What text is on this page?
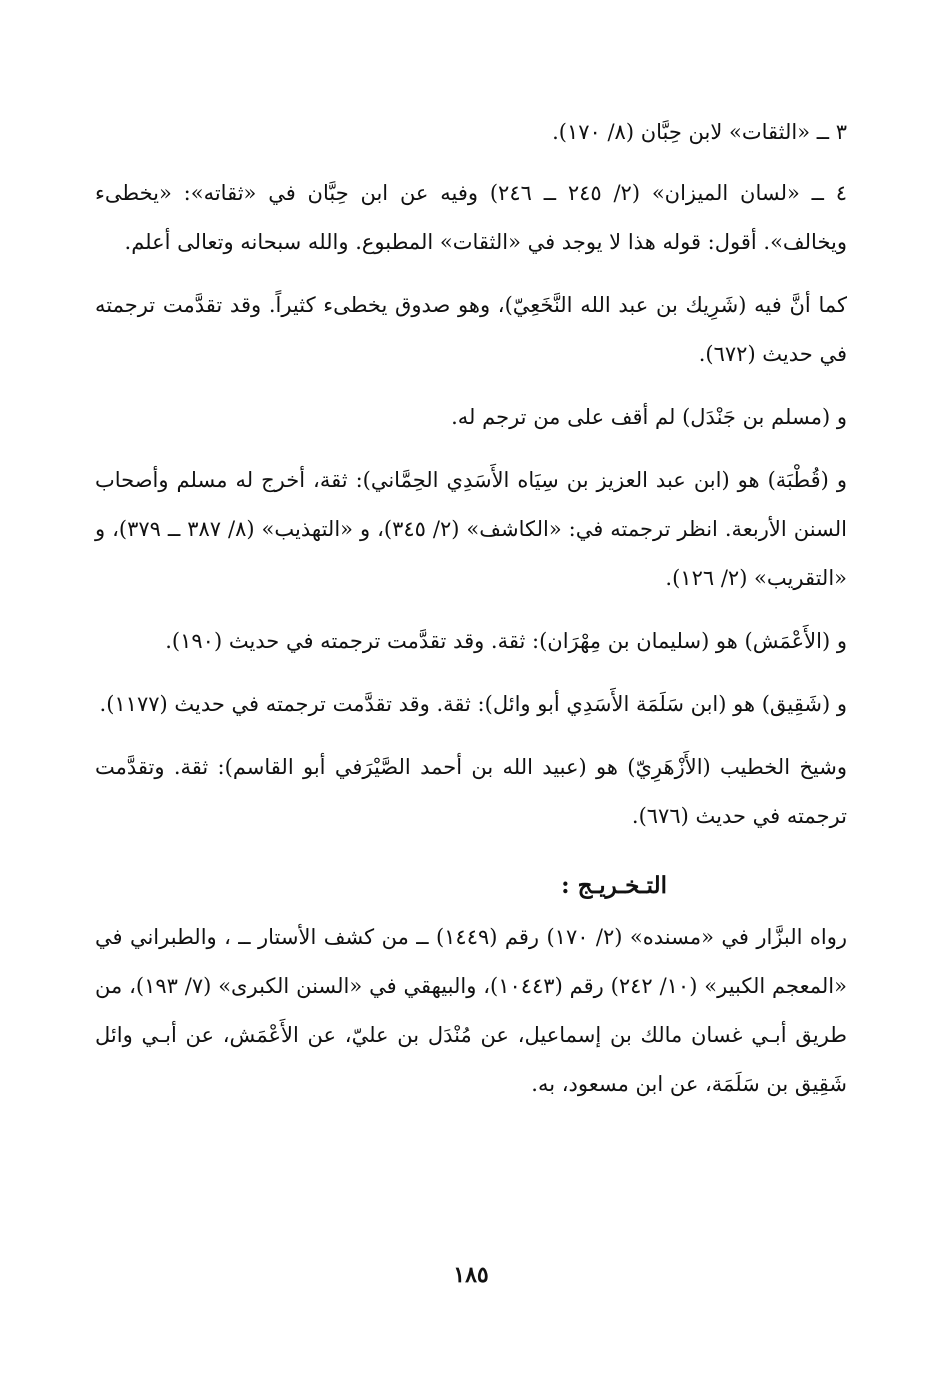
٣ ــ «الثقات» لابن حِبَّان (٨/ ١٧٠).

٤ ــ «لسان الميزان» (٢/ ٢٤٥ ــ ٢٤٦) وفيه عن ابن حِبَّان في «ثقاته»: «يخطىء ويخالف». أقول: قوله هذا لا يوجد في «الثقات» المطبوع. والله سبحانه وتعالى أعلم.

كما أنَّ فيه (شَرِيك بن عبد الله النَّخَعِيّ)، وهو صدوق يخطىء كثيراً. وقد تقدَّمت ترجمته في حديث (٦٧٢).

و (مسلم بن جَنْدَل) لم أقف على من ترجم له.

و (قُطْبَة) هو (ابن عبد العزيز بن سِيَاه الأَسَدِي الحِمَّاني): ثقة، أخرج له مسلم وأصحاب السنن الأربعة. انظر ترجمته في: «الكاشف» (٢/ ٣٤٥)، و «التهذيب» (٨/ ٣٨٧ ــ ٣٧٩)، و «التقريب» (٢/ ١٢٦).

و (الأَعْمَش) هو (سليمان بن مِهْرَان): ثقة. وقد تقدَّمت ترجمته في حديث (١٩٠).

و (شَقِيق) هو (ابن سَلَمَة الأَسَدِي أبو وائل): ثقة. وقد تقدَّمت ترجمته في حديث (١١٧٧).

وشيخ الخطيب (الأَزْهَرِيّ) هو (عبيد الله بن أحمد الصَّيْرَفي أبو القاسم): ثقة. وتقدَّمت ترجمته في حديث (٦٧٦).

التـخـريـج :

رواه البزَّار في «مسنده» (٢/ ١٧٠) رقم (١٤٤٩) ــ من كشف الأستار ــ ، والطبراني في «المعجم الكبير» (١٠/ ٢٤٢) رقم (١٠٤٤٣)، والبيهقي في «السنن الكبرى» (٧/ ١٩٣)، من طريق أبـي غسان مالك بن إسماعيل، عن مُنْدَل بن عليّ، عن الأَعْمَش، عن أبـي وائل شَقِيق بن سَلَمَة، عن ابن مسعود، به.

١٨٥
